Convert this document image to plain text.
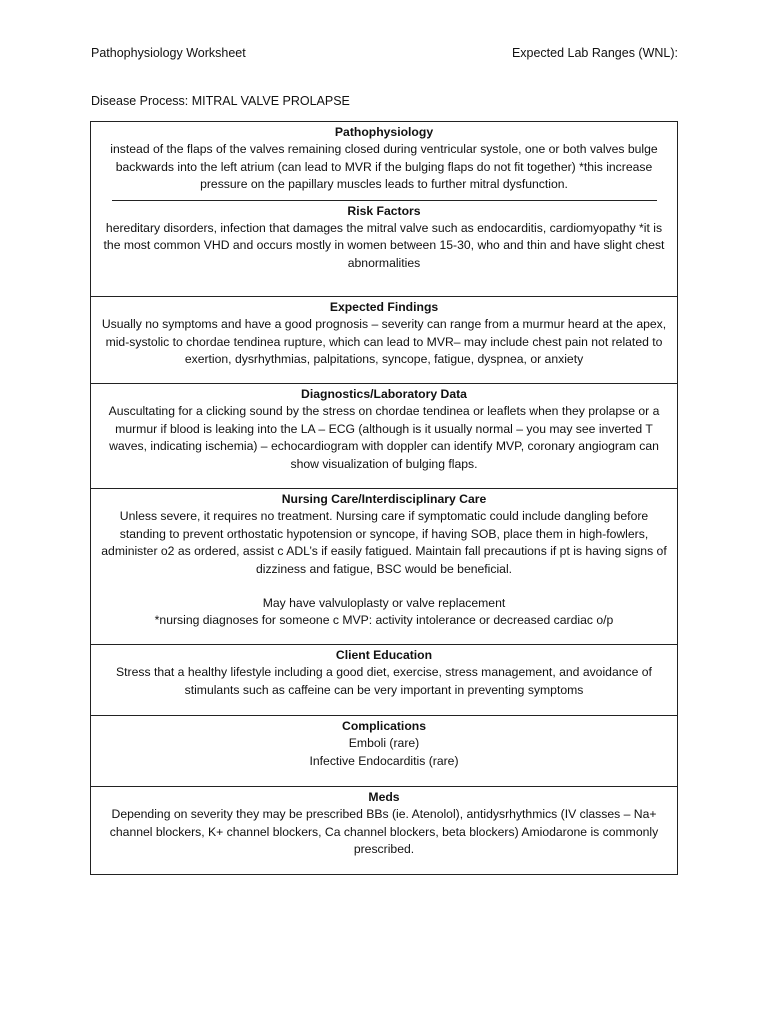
Pathophysiology Worksheet	Expected Lab Ranges (WNL):
Disease Process: MITRAL VALVE PROLAPSE
Pathophysiology
instead of the flaps of the valves remaining closed during ventricular systole, one or both valves bulge backwards into the left atrium (can lead to MVR if the bulging flaps do not fit together) *this increase pressure on the papillary muscles leads to further mitral dysfunction.
Risk Factors
hereditary disorders, infection that damages the mitral valve such as endocarditis, cardiomyopathy *it is the most common VHD and occurs mostly in women between 15-30, who and thin and have slight chest abnormalities
Expected Findings
Usually no symptoms and have a good prognosis – severity can range from a murmur heard at the apex, mid-systolic to chordae tendinea rupture, which can lead to MVR– may include chest pain not related to exertion, dysrhythmias, palpitations, syncope, fatigue, dyspnea, or anxiety
Diagnostics/Laboratory Data
Auscultating for a clicking sound by the stress on chordae tendinea or leaflets when they prolapse or a murmur if blood is leaking into the LA – ECG (although is it usually normal – you may see inverted T waves, indicating ischemia) – echocardiogram with doppler can identify MVP, coronary angiogram can show visualization of bulging flaps.
Nursing Care/Interdisciplinary Care
Unless severe, it requires no treatment. Nursing care if symptomatic could include dangling before standing to prevent orthostatic hypotension or syncope, if having SOB, place them in high-fowlers, administer o2 as ordered, assist c ADL’s if easily fatigued. Maintain fall precautions if pt is having signs of dizziness and fatigue, BSC would be beneficial.
May have valvuloplasty or valve replacement
*nursing diagnoses for someone c MVP: activity intolerance or decreased cardiac o/p
Client Education
Stress that a healthy lifestyle including a good diet, exercise, stress management, and avoidance of stimulants such as caffeine can be very important in preventing symptoms
Complications
Emboli (rare)
Infective Endocarditis (rare)
Meds
Depending on severity they may be prescribed BBs (ie. Atenolol), antidysrhythmics (IV classes – Na+ channel blockers, K+ channel blockers, Ca channel blockers, beta blockers) Amiodarone is commonly prescribed.
